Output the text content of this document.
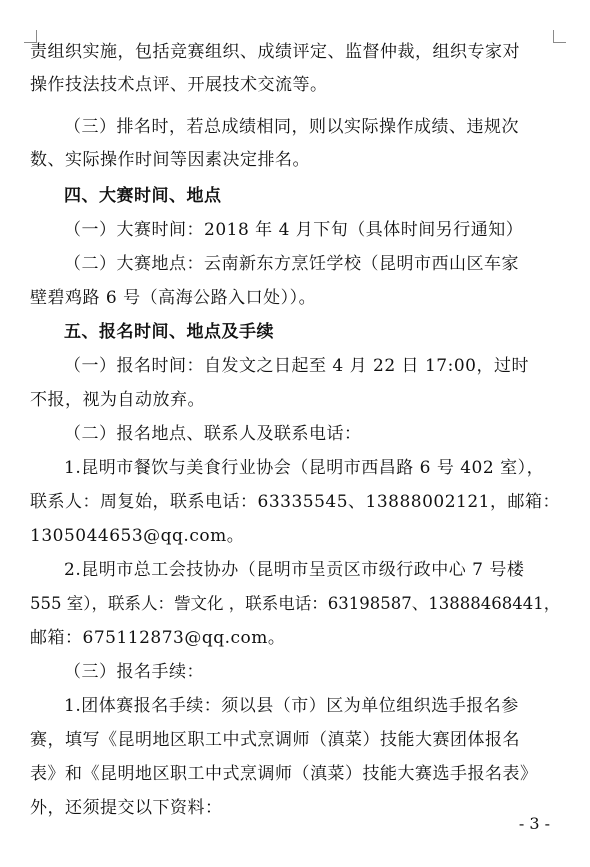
责组织实施，包括竞赛组织、成绩评定、监督仲裁，组织专家对
操作技法技术点评、开展技术交流等。
（三）排名时，若总成绩相同，则以实际操作成绩、违规次
数、实际操作时间等因素决定排名。
四、大赛时间、地点
（一）大赛时间：2018 年 4 月下旬（具体时间另行通知）
（二）大赛地点：云南新东方烹饪学校（昆明市西山区车家
壁碧鸡路 6 号（高海公路入口处））。
五、报名时间、地点及手续
（一）报名时间：自发文之日起至 4 月 22 日 17:00，过时
不报，视为自动放弃。
（二）报名地点、联系人及联系电话：
1.昆明市餐饮与美食行业协会（昆明市西昌路 6 号 402 室），
联系人：周复始，联系电话：63335545、13888002121，邮箱：
1305044653@qq.com。
2.昆明市总工会技协办（昆明市呈贡区市级行政中心 7 号楼
555 室），联系人：訾文化 ，联系电话：63198587、13888468441，
邮箱：675112873@qq.com。
（三）报名手续：
1.团体赛报名手续：须以县（市）区为单位组织选手报名参
赛，填写《昆明地区职工中式烹调师（滇菜）技能大赛团体报名
表》和《昆明地区职工中式烹调师（滇菜）技能大赛选手报名表》
外，还须提交以下资料：
- 3 -
